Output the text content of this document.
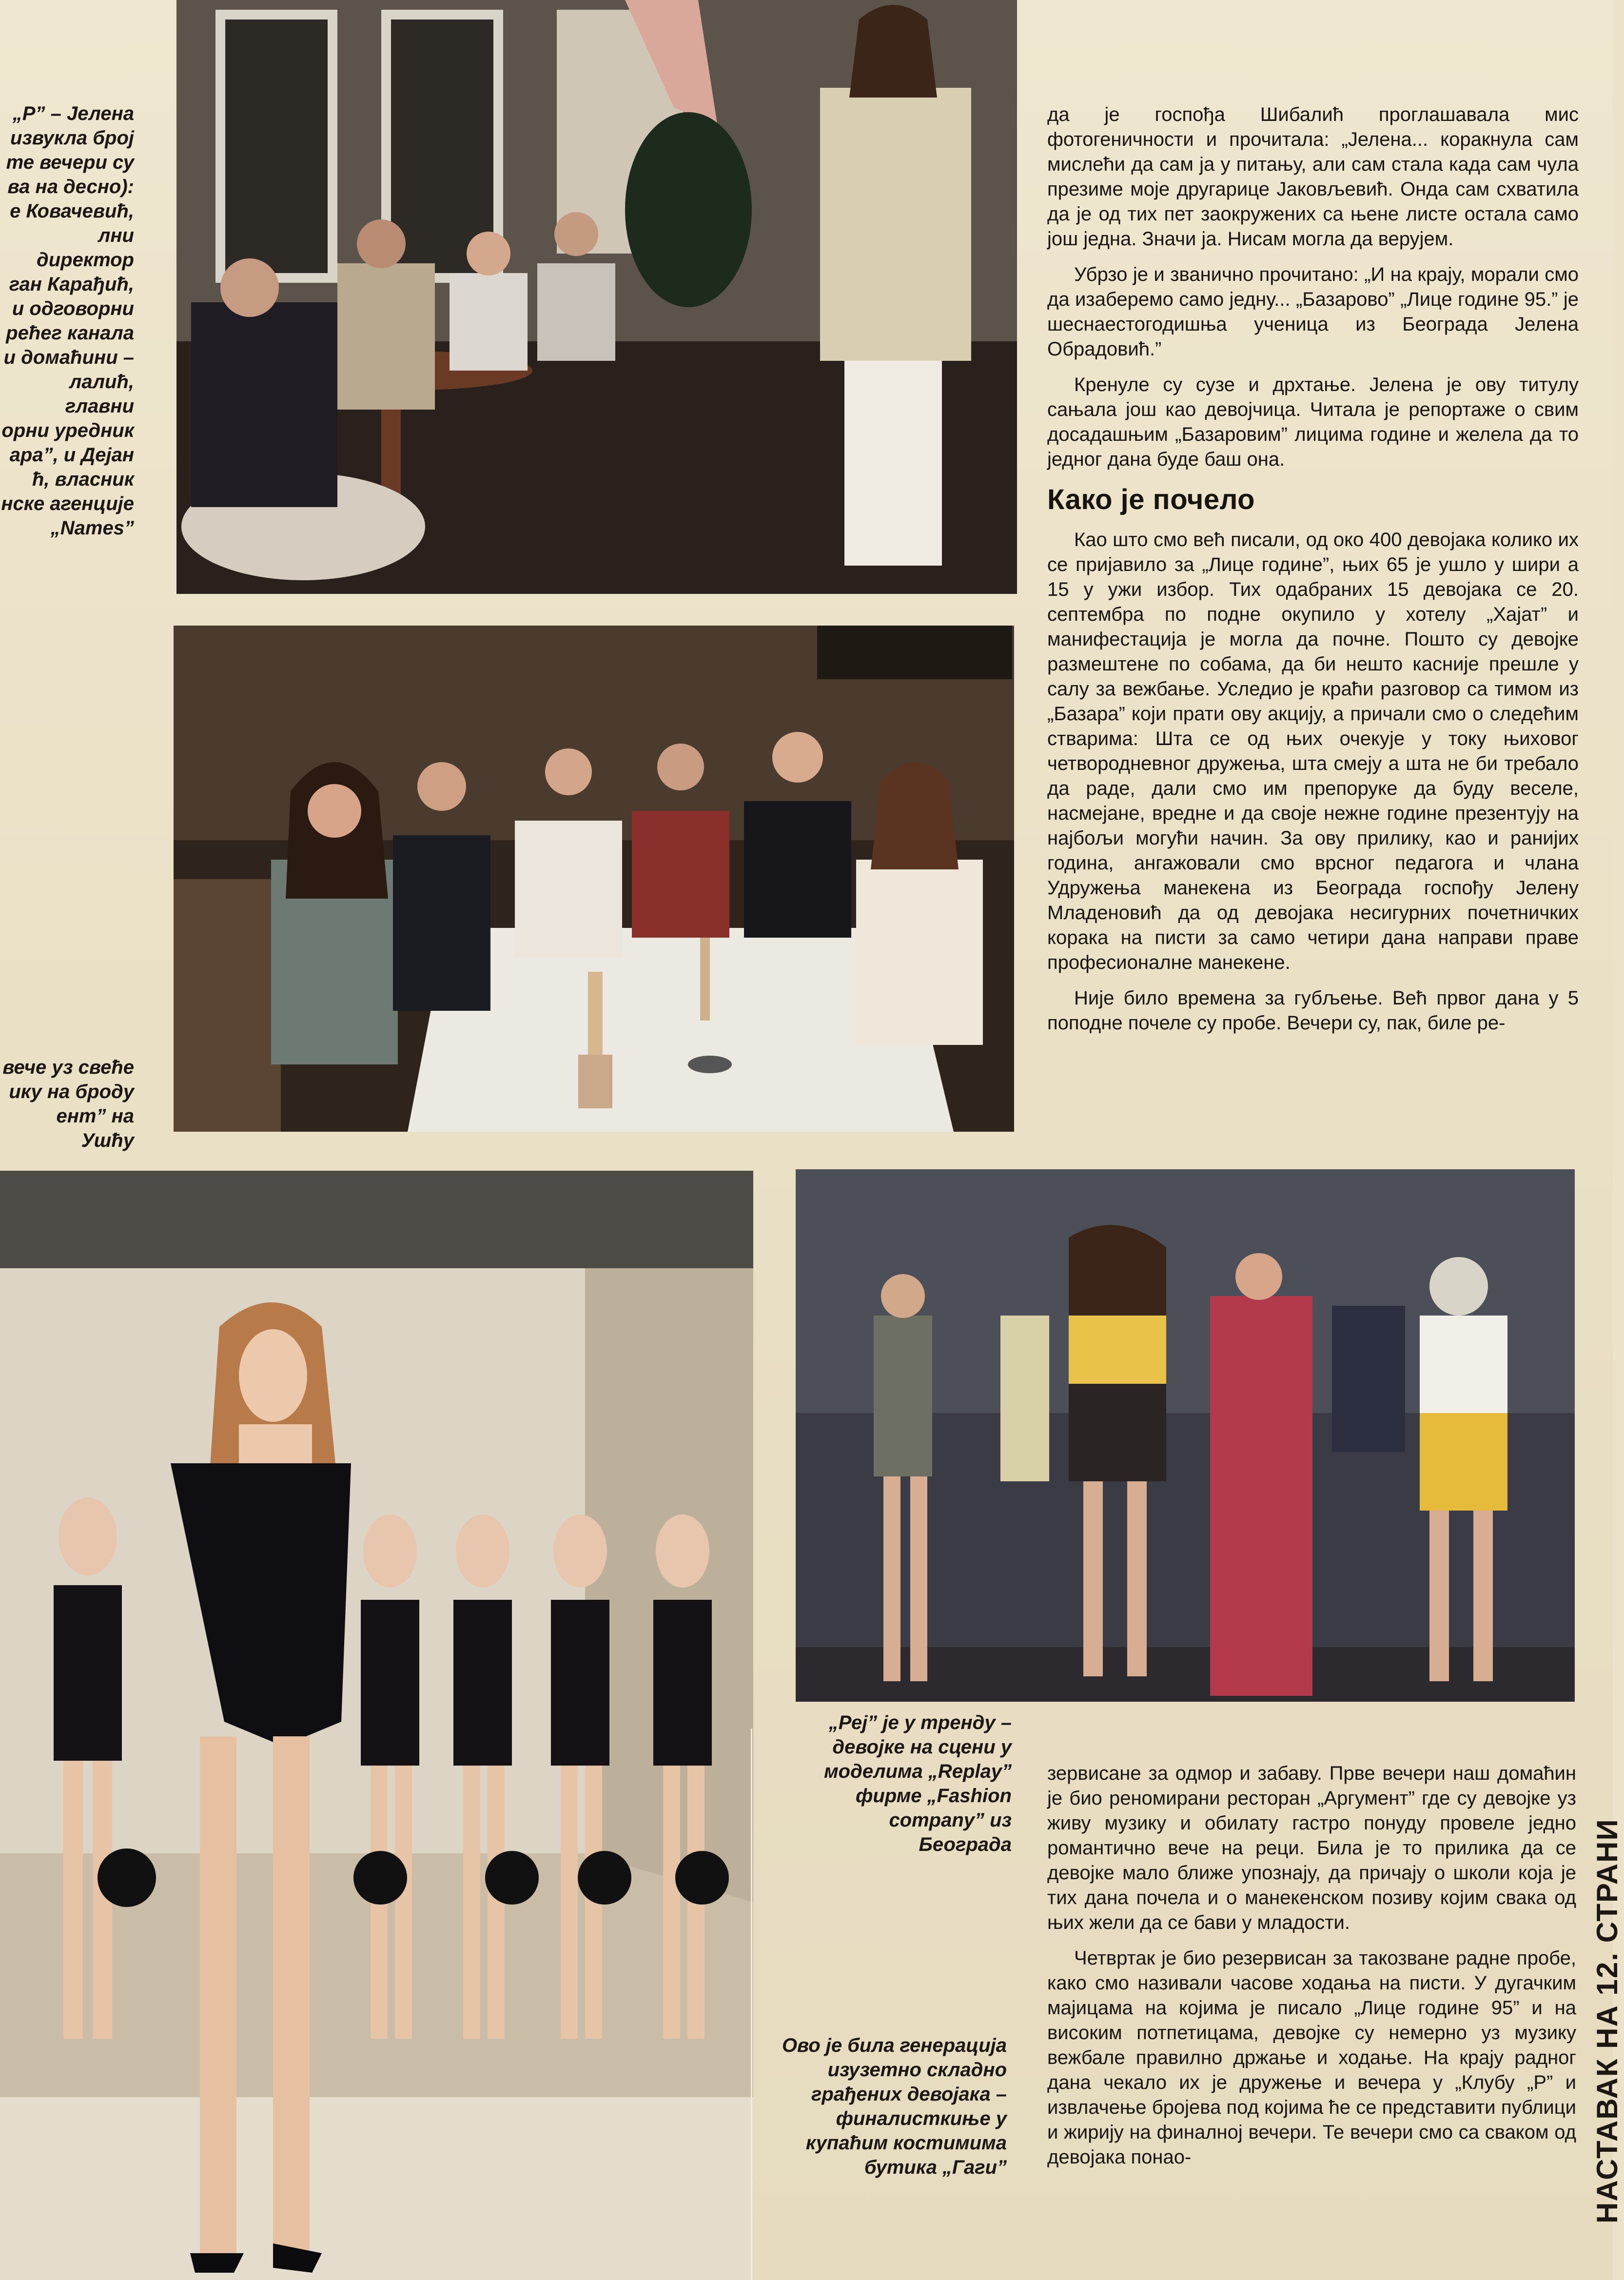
„Р” – Јелена
извукла број
те вечери су
ва на десно):
е Ковачевић,
лни директор
ган Карађић,
и одговорни
рећег канала
и домаћини –
лалић, главни
орни уредник
ара”, и Дејан
ћ, власник
нске агенције
„Names”
вече уз свеће
ику на броду
ент” на Ушћу
„Реј” је у тренду –
девојке на сцени у
моделима „Replay”
фирме „Fashion
company” из Београда
Ово је била генерација
изузетно складно
грађених девојака –
финалисткиње у
купаћим костимима
бутика „Гаги”

да је госпођа Шибалић проглашавала мис фотогеничности и прочитала: „Јелена... коракнула сам мислећи да сам ја у питању, али сам стала када сам чула презиме моје другарице Јаковљевић. Онда сам схватила да је од тих пет заокружених са њене листе остала само још једна. Значи ја. Нисам могла да верујем.

Убрзо је и званично прочитано: „И на крају, морали смо да изаберемо само једну... „Базарово” „Лице године 95.” је шеснаестогодишња ученица из Београда Јелена Обрадовић.”

Кренуле су сузе и дрхтање. Јелена је ову титулу сањала још као девојчица. Читала је репортаже о свим досадашњим „Базаровим” лицима године и желела да то једног дана буде баш она.

Како је почело

Као што смо већ писали, од око 400 девојака колико их се пријавило за „Лице године”, њих 65 је ушло у шири а 15 у ужи избор. Тих одабраних 15 девојака се 20. септембра по подне окупило у хотелу „Хајат” и манифестација је могла да почне. Пошто су девојке размештене по собама, да би нешто касније прешле у салу за вежбање. Уследио је краћи разговор са тимом из „Базара” који прати ову акцију, а причали смо о следећим стварима: Шта се од њих очекује у току њиховог четвородневног дружења, шта смеју а шта не би требало да раде, дали смо им препоруке да буду веселе, насмејане, вредне и да своје нежне године презентују на најбољи могући начин. За ову прилику, као и ранијих година, ангажовали смо врсног педагога и члана Удружења манекена из Београда госпођу Јелену Младеновић да од девојака несигурних почетничких корака на писти за само четири дана направи праве професионалне манекене.

Није било времена за губљење. Већ првог дана у 5 поподне почеле су пробе. Вечери су, пак, биле ре-

зервисане за одмор и забаву. Прве вечери наш домаћин је био реномирани ресторан „Аргумент” где су девојке уз живу музику и обилату гастро понуду провеле једно романтично вече на реци. Била је то прилика да се девојке мало ближе упознају, да причају о школи која је тих дана почела и о манекенском позиву којим свака од њих жели да се бави у младости.

Четвртак је био резервисан за такозване радне пробе, како смо називали часове ходања на писти. У дугачким мајицама на којима је писало „Лице године 95” и на високим потпетицама, девојке су немерно уз музику вежбале правилно држање и ходање. На крају радног дана чекало их је дружење и вечера у „Клубу „Р” и извлачење бројева под којима ће се представити публици и жирију на финалној вечери. Те вечери смо са сваком од девојака понао-	НАСТАВАК НА 12. СТРАНИ
